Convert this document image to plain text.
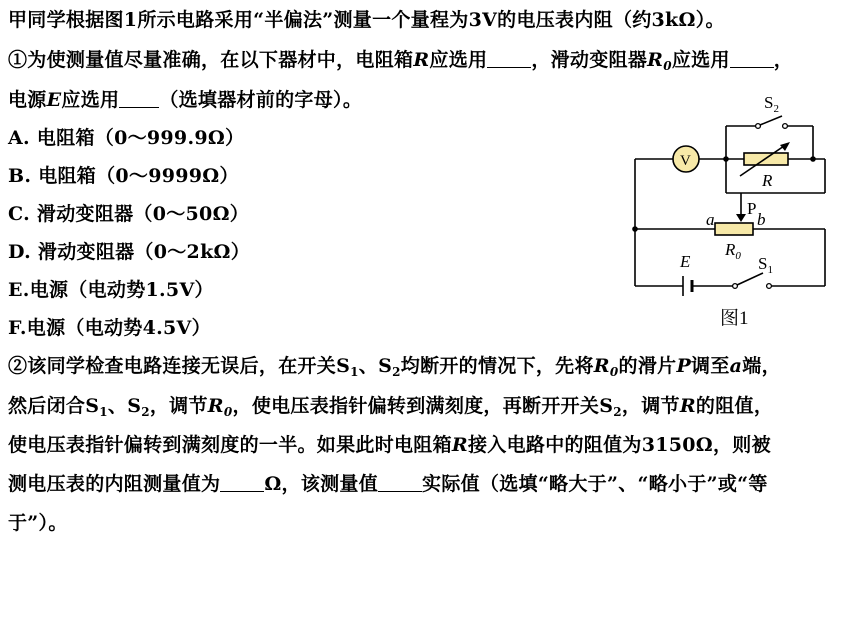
甲同学根据图1所示电路采用“半偏法”测量一个量程为3V的电压表内阻（约3kΩ）。
①为使测量值尽量准确，在以下器材中，电阻箱R应选用 ，滑动变阻器$R_0$应选用 ，
电源E应选用 （选填器材前的字母）。
A. 电阻箱（0～999.9Ω）
B. 电阻箱（0～9999Ω）
C. 滑动变阻器（0～50Ω）
D. 滑动变阻器（0～2kΩ）
E.电源（电动势1.5V）
F.电源（电动势4.5V）
②该同学检查电路连接无误后，在开关$S_1$、$S_2$均断开的情况下，先将$R_0$的滑片P调至a端，
然后闭合$S_1$、$S_2$，调节$R_0$，使电压表指针偏转到满刻度，再断开开关$S_2$，调节R的阻值，
使电压表指针偏转到满刻度的一半。如果此时电阻箱R接入电路中的阻值为3150Ω，则被
测电压表的内阻测量值为 Ω，该测量值 实际值（选填“略大于”、“略小于”或“等
于”）。
$S_2$
V
R
P
a	b
$R_0$
E	$S_1$
图1
